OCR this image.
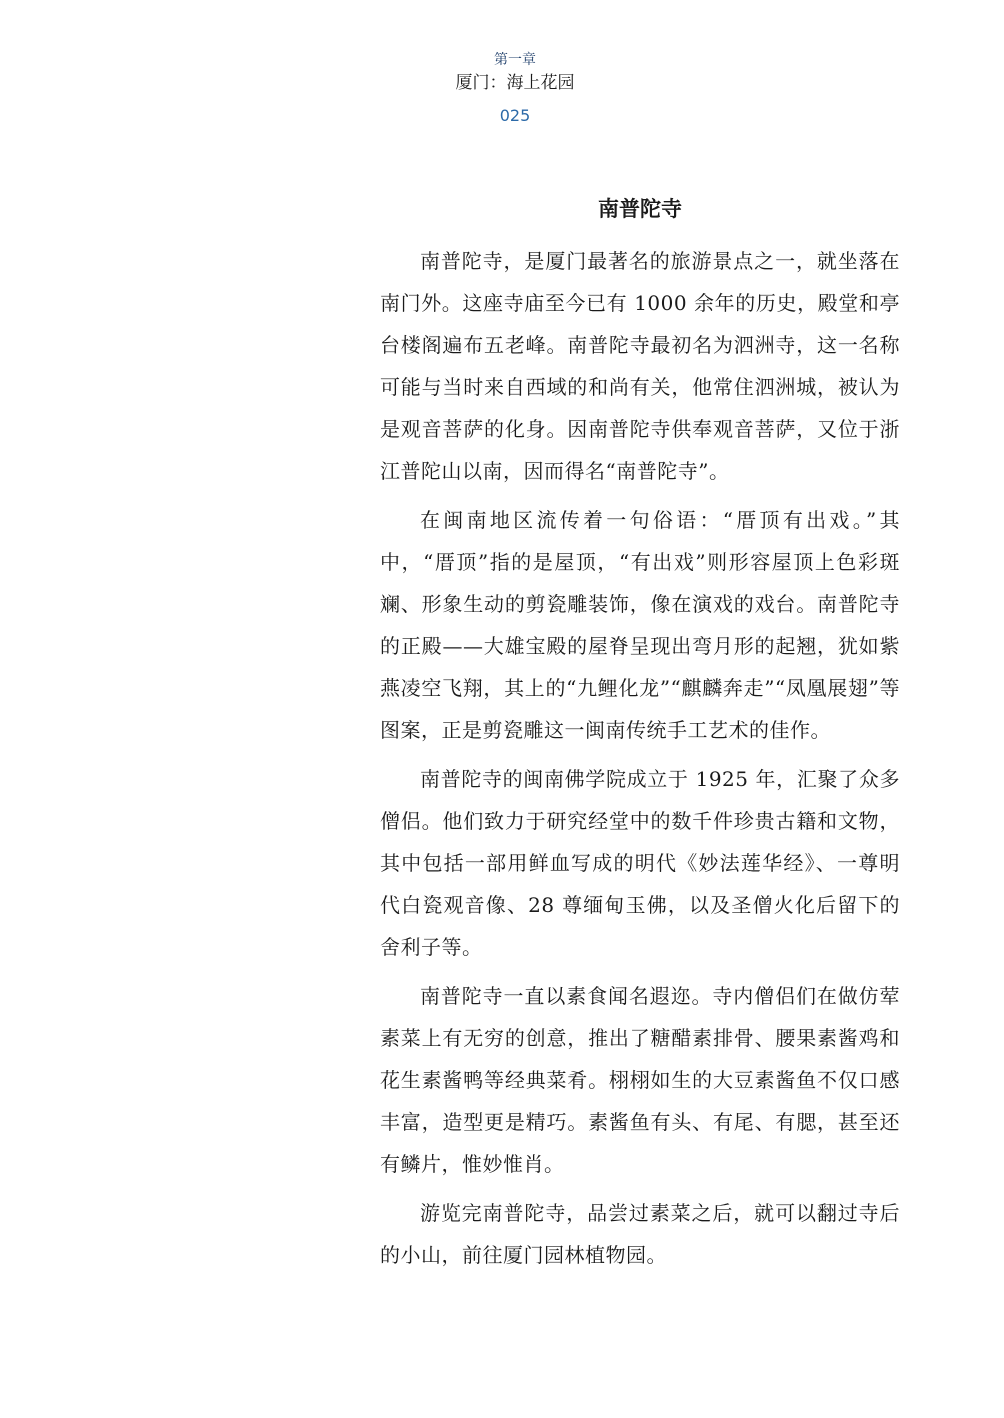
第一章
厦门：海上花园
025
南普陀寺

南普陀寺，是厦门最著名的旅游景点之一，就坐落在南门外。这座寺庙至今已有 1000 余年的历史，殿堂和亭台楼阁遍布五老峰。南普陀寺最初名为泗洲寺，这一名称可能与当时来自西域的和尚有关，他常住泗洲城，被认为是观音菩萨的化身。因南普陀寺供奉观音菩萨，又位于浙江普陀山以南，因而得名“南普陀寺”。

在闽南地区流传着一句俗语：“厝顶有出戏。”其中，“厝顶”指的是屋顶，“有出戏”则形容屋顶上色彩斑斓、形象生动的剪瓷雕装饰，像在演戏的戏台。南普陀寺的正殿——大雄宝殿的屋脊呈现出弯月形的起翘，犹如紫燕凌空飞翔，其上的“九鲤化龙”“麒麟奔走”“凤凰展翅”等图案，正是剪瓷雕这一闽南传统手工艺术的佳作。

南普陀寺的闽南佛学院成立于 1925 年，汇聚了众多僧侣。他们致力于研究经堂中的数千件珍贵古籍和文物，其中包括一部用鲜血写成的明代《妙法莲华经》、一尊明代白瓷观音像、28 尊缅甸玉佛，以及圣僧火化后留下的舍利子等。

南普陀寺一直以素食闻名遐迩。寺内僧侣们在做仿荤素菜上有无穷的创意，推出了糖醋素排骨、腰果素酱鸡和花生素酱鸭等经典菜肴。栩栩如生的大豆素酱鱼不仅口感丰富，造型更是精巧。素酱鱼有头、有尾、有腮，甚至还有鳞片，惟妙惟肖。

游览完南普陀寺，品尝过素菜之后，就可以翻过寺后的小山，前往厦门园林植物园。
